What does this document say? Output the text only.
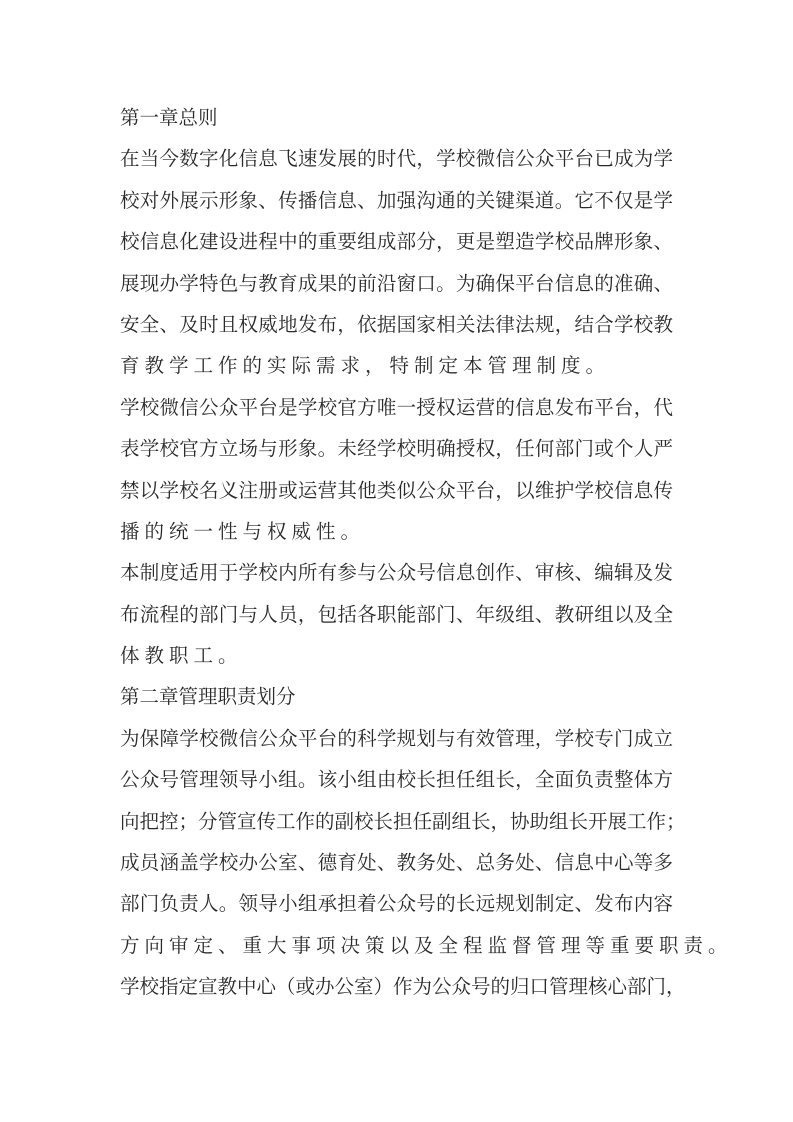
第一章总则
在当今数字化信息飞速发展的时代，学校微信公众平台已成为学
校对外展示形象、传播信息、加强沟通的关键渠道。它不仅是学
校信息化建设进程中的重要组成部分，更是塑造学校品牌形象、
展现办学特色与教育成果的前沿窗口。为确保平台信息的准确、
安全、及时且权威地发布，依据国家相关法律法规，结合学校教
育教学工作的实际需求，特制定本管理制度。
学校微信公众平台是学校官方唯一授权运营的信息发布平台，代
表学校官方立场与形象。未经学校明确授权，任何部门或个人严
禁以学校名义注册或运营其他类似公众平台，以维护学校信息传
播的统一性与权威性。
本制度适用于学校内所有参与公众号信息创作、审核、编辑及发
布流程的部门与人员，包括各职能部门、年级组、教研组以及全
体教职工。
第二章管理职责划分
为保障学校微信公众平台的科学规划与有效管理，学校专门成立
公众号管理领导小组。该小组由校长担任组长，全面负责整体方
向把控；分管宣传工作的副校长担任副组长，协助组长开展工作；
成员涵盖学校办公室、德育处、教务处、总务处、信息中心等多
部门负责人。领导小组承担着公众号的长远规划制定、发布内容
方向审定、重大事项决策以及全程监督管理等重要职责。
学校指定宣教中心（或办公室）作为公众号的归口管理核心部门，
